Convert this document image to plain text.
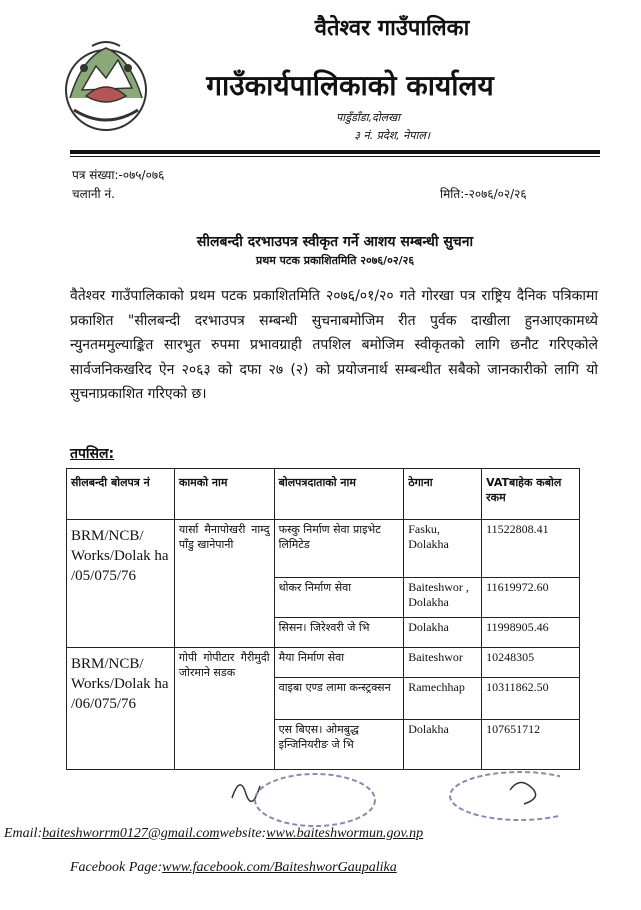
वैतेश्वर गाउँपालिका
गाउँकार्यपालिकाको कार्यालय
पाडुँडाँडा,दोलखा
३ नं. प्रदेश, नेपाल।
पत्र संख्या:-०७५/०७६
चलानी नं.	मिति:-२०७६/०२/२६
सीलबन्दी दरभाउपत्र स्वीकृत गर्ने आशय सम्बन्धी सुचना
प्रथम पटक प्रकाशितमिति २०७६/०२/२६
वैतेश्वर गाउँपालिकाको प्रथम पटक प्रकाशितमिति २०७६/०१/२० गते गोरखा पत्र राष्ट्रिय दैनिक पत्रिकामा प्रकाशित "सीलबन्दी दरभाउपत्र सम्बन्धी सुचनाबमोजिम रीत पुर्वक दाखीला हुनआएकामध्ये न्युनतममुल्याङ्कित सारभुत रुपमा प्रभावग्राही तपशिल बमोजिम स्वीकृतको लागि छनौट गरिएकोले सार्वजनिकखरिद ऐन २०६३ को दफा २७ (२) को प्रयोजनार्थ सम्बन्धीत सबैको जानकारीको लागि यो सुचनाप्रकाशित गरिएको छ।
तपसिल:
सीलबन्दी बोलपत्र नं	कामको नाम	बोलपत्रदाताको नाम	ठेगाना	VATबाहेक कबोल रकम
BRM/NCB/ Works/Dolak ha /05/075/76	यार्सा मैनापोखरी नाम्दु पाँडु खानेपानी	फस्कु निर्माण सेवा प्राइभेट लिमिटेड	Fasku, Dolakha	11522808.41
		थोकर निर्माण सेवा	Baiteshwor , Dolakha	11619972.60
		सिसन। जिरेश्वरी जे भि	Dolakha	11998905.46
BRM/NCB/ Works/Dolak ha /06/075/76	गोपी गोपीटार गैरीमुदी जोरमाने सडक	मैया निर्माण सेवा	Baiteshwor	10248305
		वाइबा एण्ड लामा कन्स्ट्रक्सन	Ramechhap	10311862.50
		एस बिएस। ओमबुद्ध इन्जिनियरीङ जे भि	Dolakha	107651712
Email:baiteshworrm0127@gmail.comwebsite:www.baiteshwormun.gov.np
Facebook Page:www.facebook.com/BaiteshworGaupalika
